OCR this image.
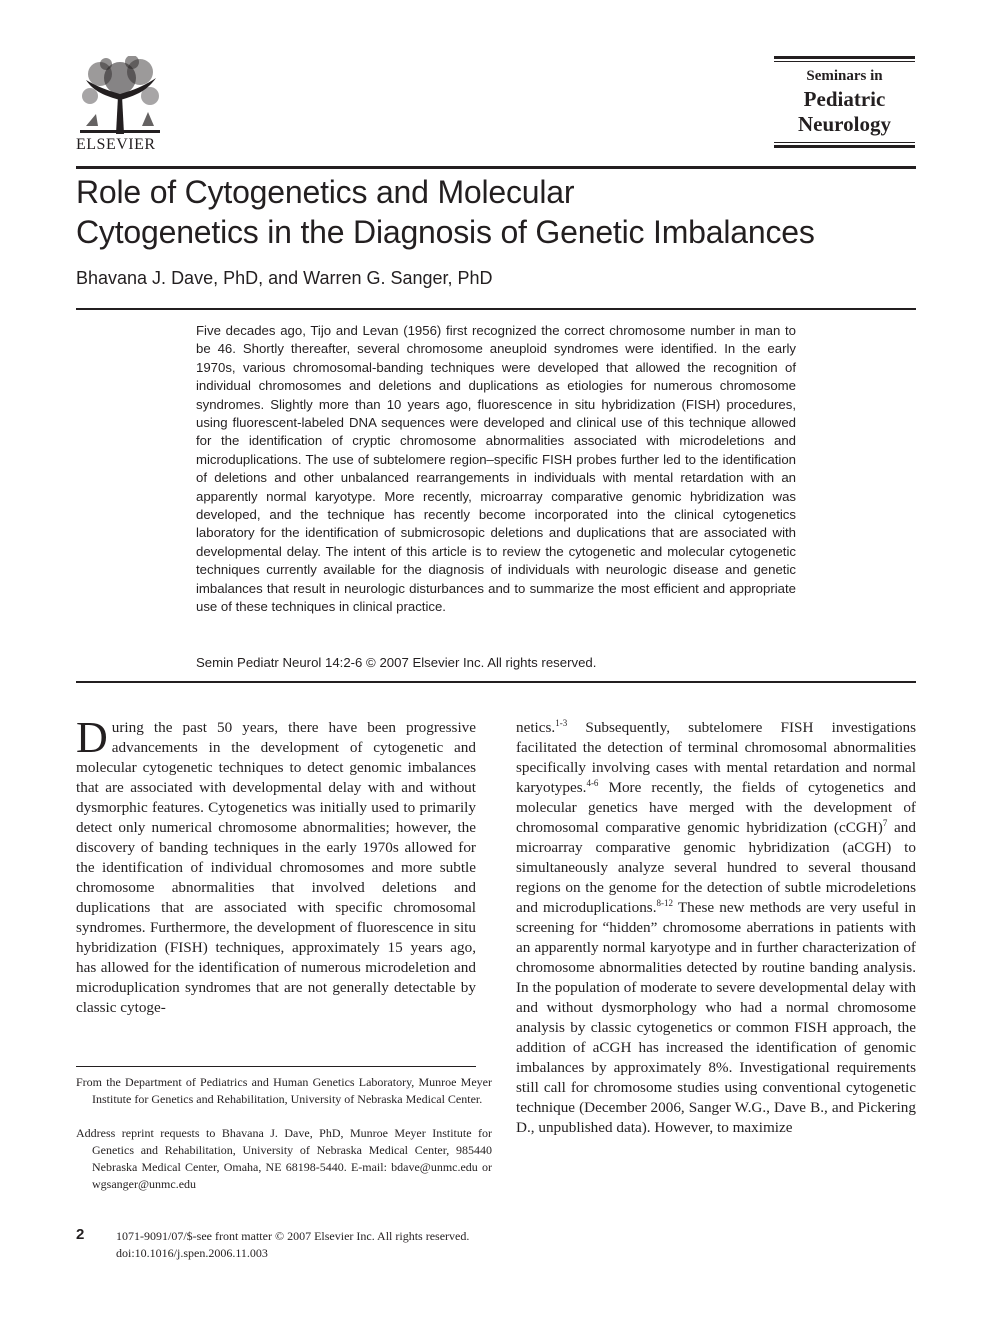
ELSEVIER
Seminars in
Pediatric
Neurology
Role of Cytogenetics and Molecular
Cytogenetics in the Diagnosis of Genetic Imbalances
Bhavana J. Dave, PhD, and Warren G. Sanger, PhD

Five decades ago, Tijo and Levan (1956) first recognized the correct chromosome number in man to be 46. Shortly thereafter, several chromosome aneuploid syndromes were identified. In the early 1970s, various chromosomal-banding techniques were developed that allowed the recognition of individual chromosomes and deletions and duplications as etiologies for numerous chromosome syndromes. Slightly more than 10 years ago, fluorescence in situ hybridization (FISH) procedures, using fluorescent-labeled DNA sequences were developed and clinical use of this technique allowed for the identification of cryptic chromosome abnormalities associated with microdeletions and microduplications. The use of subtelomere region–specific FISH probes further led to the identification of deletions and other unbalanced rearrangements in individuals with mental retardation with an apparently normal karyotype. More recently, microarray comparative genomic hybridization was developed, and the technique has recently become incorporated into the clinical cytogenetics laboratory for the identification of submicrosopic deletions and duplications that are associated with developmental delay. The intent of this article is to review the cytogenetic and molecular cytogenetic techniques currently available for the diagnosis of individuals with neurologic disease and genetic imbalances that result in neurologic disturbances and to summarize the most efficient and appropriate use of these techniques in clinical practice.

Semin Pediatr Neurol 14:2-6 © 2007 Elsevier Inc. All rights reserved.

During the past 50 years, there have been progressive advancements in the development of cytogenetic and molecular cytogenetic techniques to detect genomic imbalances that are associated with developmental delay with and without dysmorphic features. Cytogenetics was initially used to primarily detect only numerical chromosome abnormalities; however, the discovery of banding techniques in the early 1970s allowed for the identification of individual chromosomes and more subtle chromosome abnormalities that involved deletions and duplications that are associated with specific chromosomal syndromes. Furthermore, the development of fluorescence in situ hybridization (FISH) techniques, approximately 15 years ago, has allowed for the identification of numerous microdeletion and microduplication syndromes that are not generally detectable by classic cytoge-

netics.$^{1-3}$ Subsequently, subtelomere FISH investigations facilitated the detection of terminal chromosomal abnormalities specifically involving cases with mental retardation and normal karyotypes.$^{4-6}$ More recently, the fields of cytogenetics and molecular genetics have merged with the development of chromosomal comparative genomic hybridization (cCGH)$^7$ and microarray comparative genomic hybridization (aCGH) to simultaneously analyze several hundred to several thousand regions on the genome for the detection of subtle microdeletions and microduplications.$^{8-12}$ These new methods are very useful in screening for “hidden” chromosome aberrations in patients with an apparently normal karyotype and in further characterization of chromosome abnormalities detected by routine banding analysis. In the population of moderate to severe developmental delay with and without dysmorphology who had a normal chromosome analysis by classic cytogenetics or common FISH approach, the addition of aCGH has increased the identification of genomic imbalances by approximately 8%. Investigational requirements still call for chromosome studies using conventional cytogenetic technique (December 2006, Sanger W.G., Dave B., and Pickering D., unpublished data). However, to maximize

From the Department of Pediatrics and Human Genetics Laboratory, Munroe Meyer Institute for Genetics and Rehabilitation, University of Nebraska Medical Center.

Address reprint requests to Bhavana J. Dave, PhD, Munroe Meyer Institute for Genetics and Rehabilitation, University of Nebraska Medical Center, 985440 Nebraska Medical Center, Omaha, NE 68198-5440. E-mail: bdave@unmc.edu or wgsanger@unmc.edu

2	1071-9091/07/$-see front matter © 2007 Elsevier Inc. All rights reserved.
doi:10.1016/j.spen.2006.11.003
